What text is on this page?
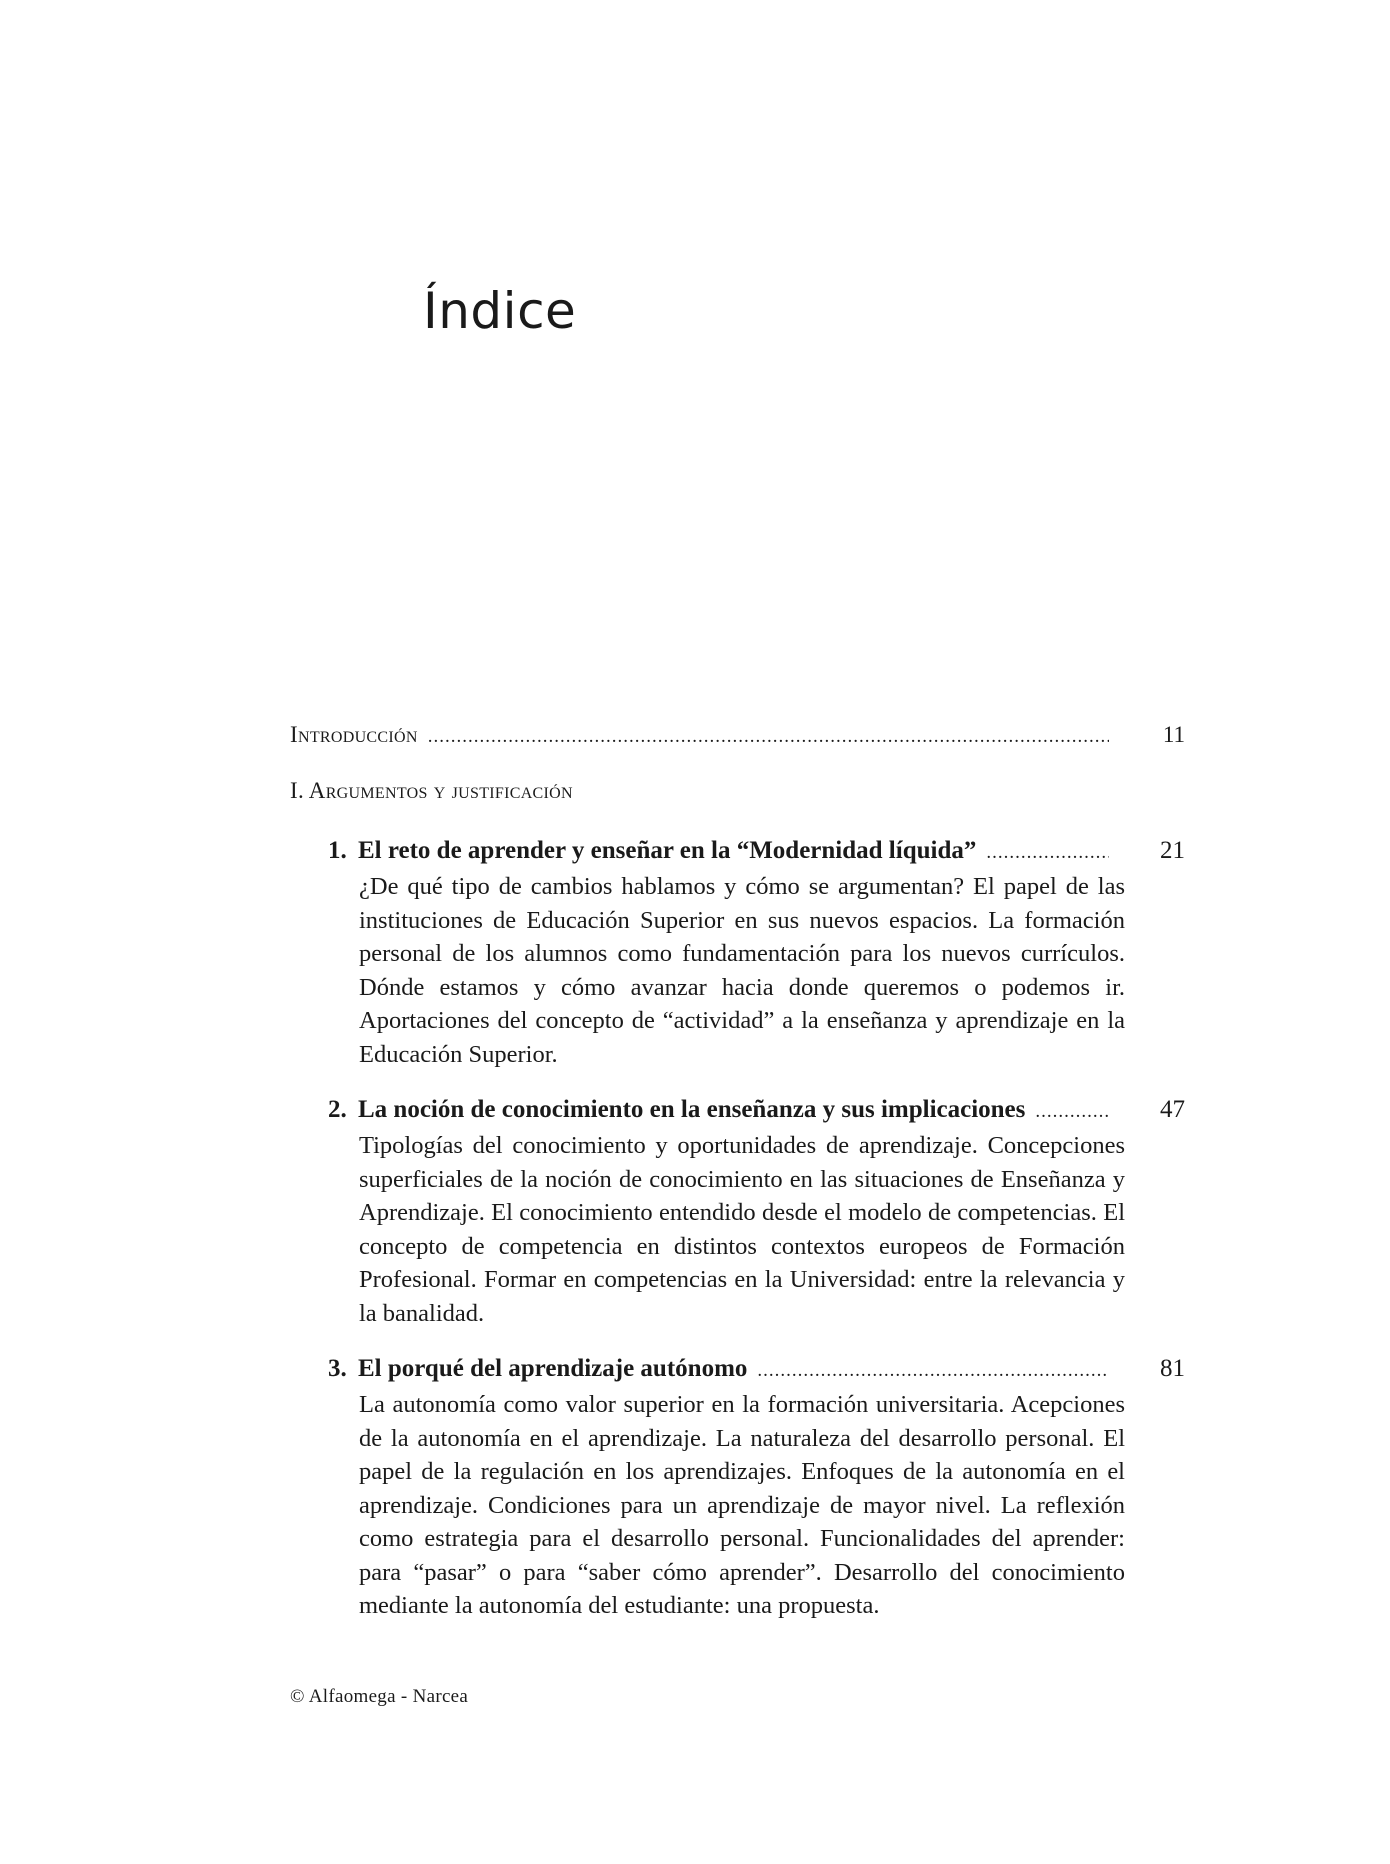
Índice
Introducción .....	11
I. Argumentos y justificación
1. El reto de aprender y enseñar en la “Modernidad líquida” .....	21

¿De qué tipo de cambios hablamos y cómo se argumentan? El papel de las instituciones de Educación Superior en sus nuevos espacios. La formación personal de los alumnos como fundamentación para los nuevos currículos. Dónde estamos y cómo avanzar hacia donde queremos o podemos ir. Aportaciones del concepto de “actividad” a la enseñanza y aprendizaje en la Educación Superior.

2. La noción de conocimiento en la enseñanza y sus implicaciones .....	47

Tipologías del conocimiento y oportunidades de aprendizaje. Concepciones superficiales de la noción de conocimiento en las situaciones de Enseñanza y Aprendizaje. El conocimiento entendido desde el modelo de competencias. El concepto de competencia en distintos contextos europeos de Formación Profesional. Formar en competencias en la Universidad: entre la relevancia y la banalidad.

3. El porqué del aprendizaje autónomo .....	81

La autonomía como valor superior en la formación universitaria. Acepciones de la autonomía en el aprendizaje. La naturaleza del desarrollo personal. El papel de la regulación en los aprendizajes. Enfoques de la autonomía en el aprendizaje. Condiciones para un aprendizaje de mayor nivel. La reflexión como estrategia para el desarrollo personal. Funcionalidades del aprender: para “pasar” o para “saber cómo aprender”. Desarrollo del conocimiento mediante la autonomía del estudiante: una propuesta.

© Alfaomega - Narcea
